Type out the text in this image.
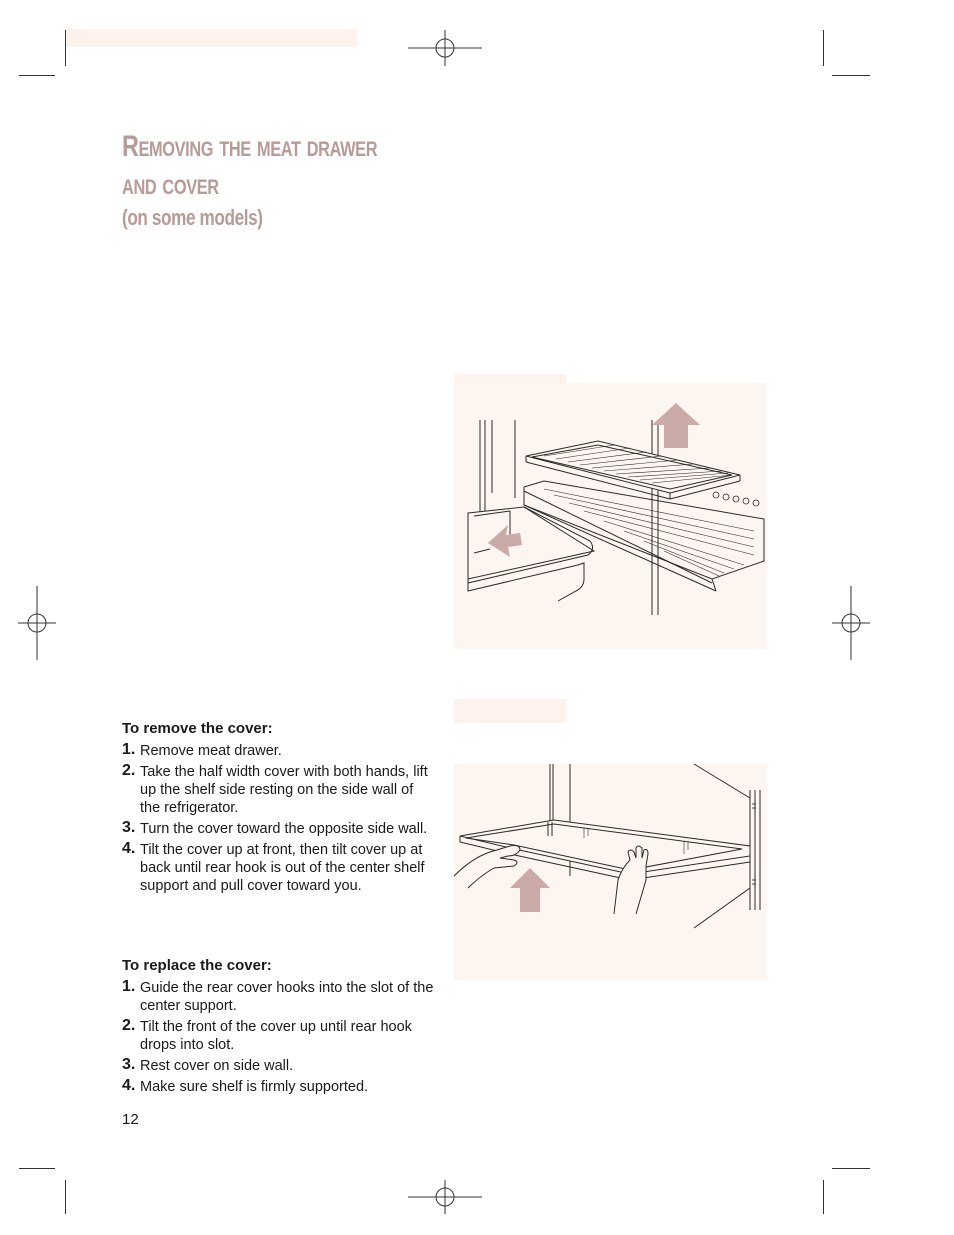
Removing the meat drawer
and cover
(on some models)
To remove the cover:
1. Remove meat drawer.
2. Take the half width cover with both hands, lift up the shelf side resting on the side wall of the refrigerator.
3. Turn the cover toward the opposite side wall.
4. Tilt the cover up at front, then tilt cover up at back until rear hook is out of the center shelf support and pull cover toward you.
To replace the cover:
1. Guide the rear cover hooks into the slot of the center support.
2. Tilt the front of the cover up until rear hook drops into slot.
3. Rest cover on side wall.
4. Make sure shelf is firmly supported.
12
